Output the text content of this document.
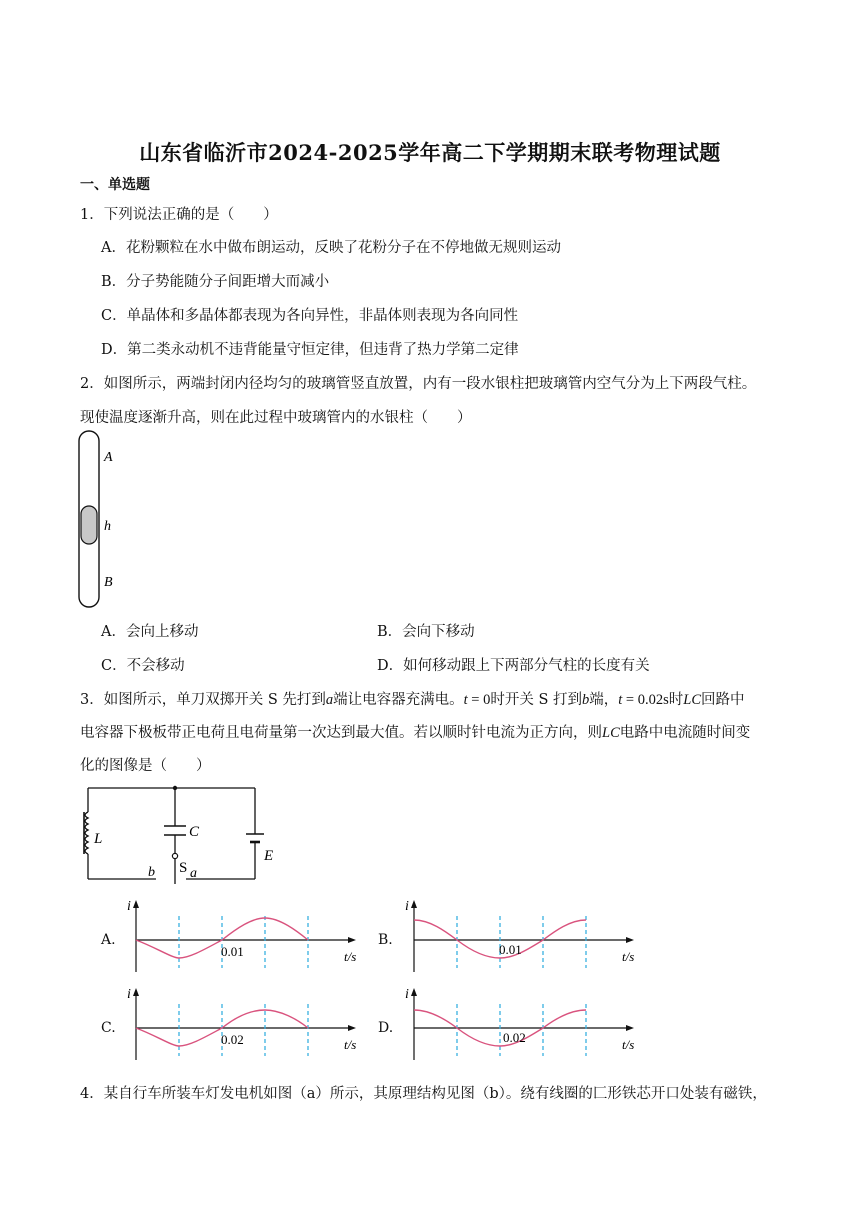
山东省临沂市2024-2025学年高二下学期期末联考物理试题
一、单选题
1．下列说法正确的是（　　）
A．花粉颗粒在水中做布朗运动，反映了花粉分子在不停地做无规则运动
B．分子势能随分子间距增大而减小
C．单晶体和多晶体都表现为各向异性，非晶体则表现为各向同性
D．第二类永动机不违背能量守恒定律，但违背了热力学第二定律
2．如图所示，两端封闭内径均匀的玻璃管竖直放置，内有一段水银柱把玻璃管内空气分为上下两段气柱。
现使温度逐渐升高，则在此过程中玻璃管内的水银柱（　　）
A
h
B
A．会向上移动	B．会向下移动
C．不会移动	D．如何移动跟上下两部分气柱的长度有关
3．如图所示，单刀双掷开关 S 先打到a端让电容器充满电。t = 0时开关 S 打到b端，t = 0.02s时LC回路中
电容器下极板带正电荷且电荷量第一次达到最大值。若以顺时针电流为正方向，则LC电路中电流随时间变
化的图像是（　　）
L	C
E
S a
b
A.
i
0.01	t/s
B.
i
0.01	t/s
C.
i
0.02	t/s
D.
i
0.02	t/s
4．某自行车所装车灯发电机如图（a）所示，其原理结构见图（b）。绕有线圈的匚形铁芯开口处装有磁铁，
